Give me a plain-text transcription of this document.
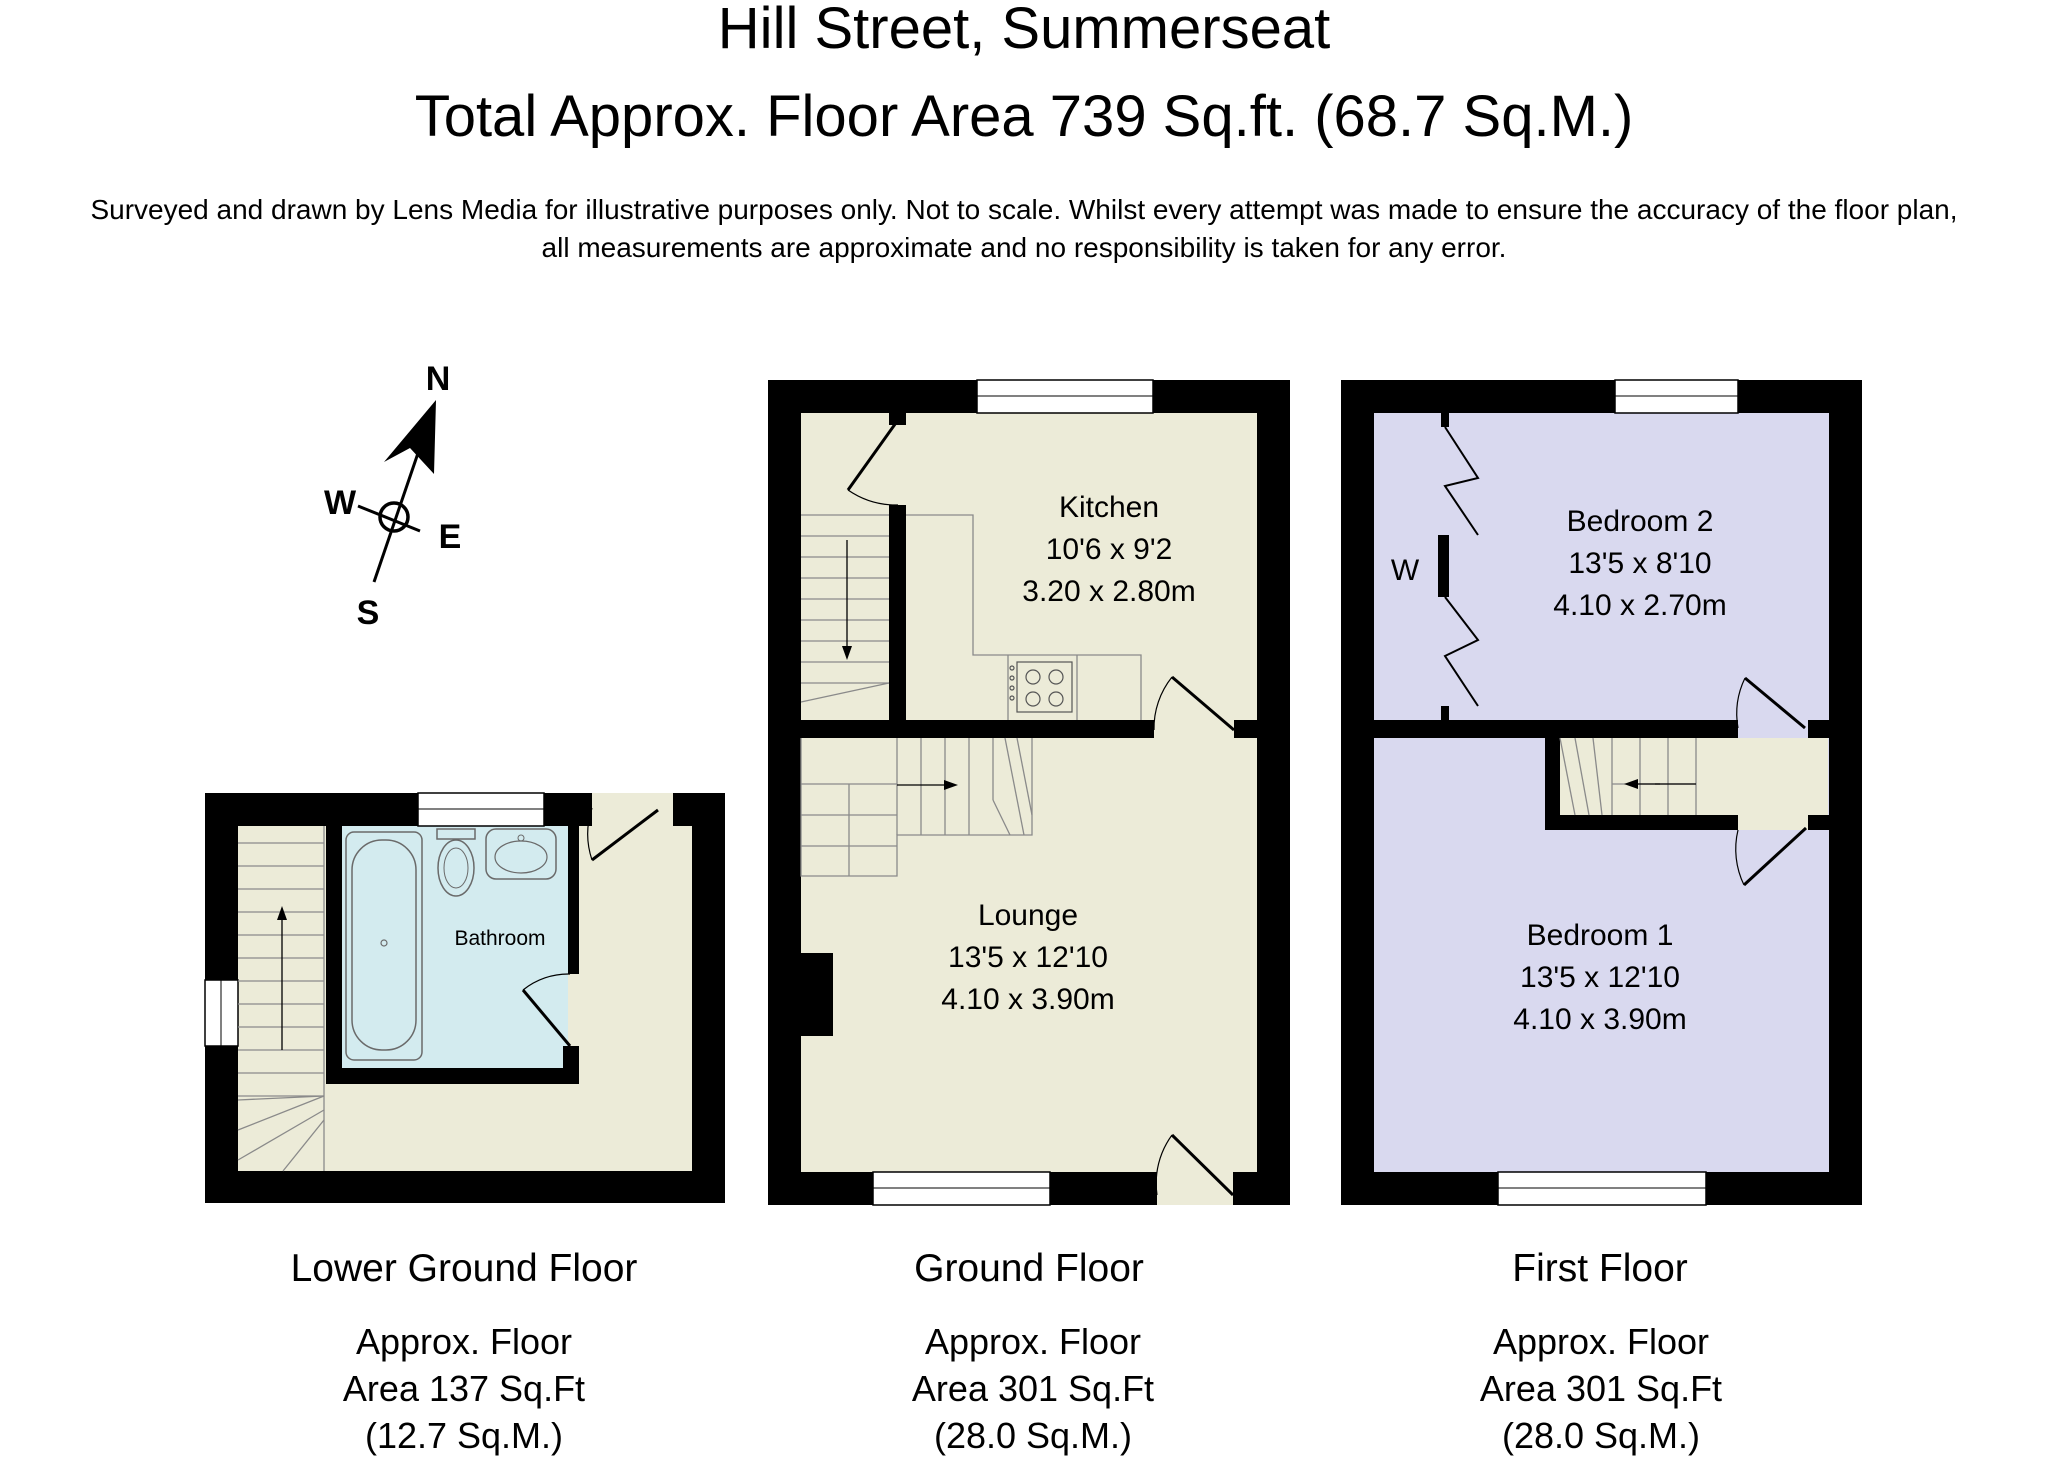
Hill Street, Summerseat
Total Approx. Floor Area 739 Sq.ft. (68.7 Sq.M.)
Surveyed and drawn by Lens Media for illustrative purposes only. Not to scale. Whilst every attempt was made to ensure the accuracy of the floor plan,
all measurements are approximate and no responsibility is taken for any error.
N
W
E
S
Bathroom
Kitchen
10'6 x 9'2
3.20 x 2.80m
Lounge
13'5 x 12'10
4.10 x 3.90m
W
Bedroom 2
13'5 x 8'10
4.10 x 2.70m
Bedroom 1
13'5 x 12'10
4.10 x 3.90m
Lower Ground Floor
Approx. Floor
Area 137 Sq.Ft
(12.7 Sq.M.)
Ground Floor
Approx. Floor
Area 301 Sq.Ft
(28.0 Sq.M.)
First Floor
Approx. Floor
Area 301 Sq.Ft
(28.0 Sq.M.)
